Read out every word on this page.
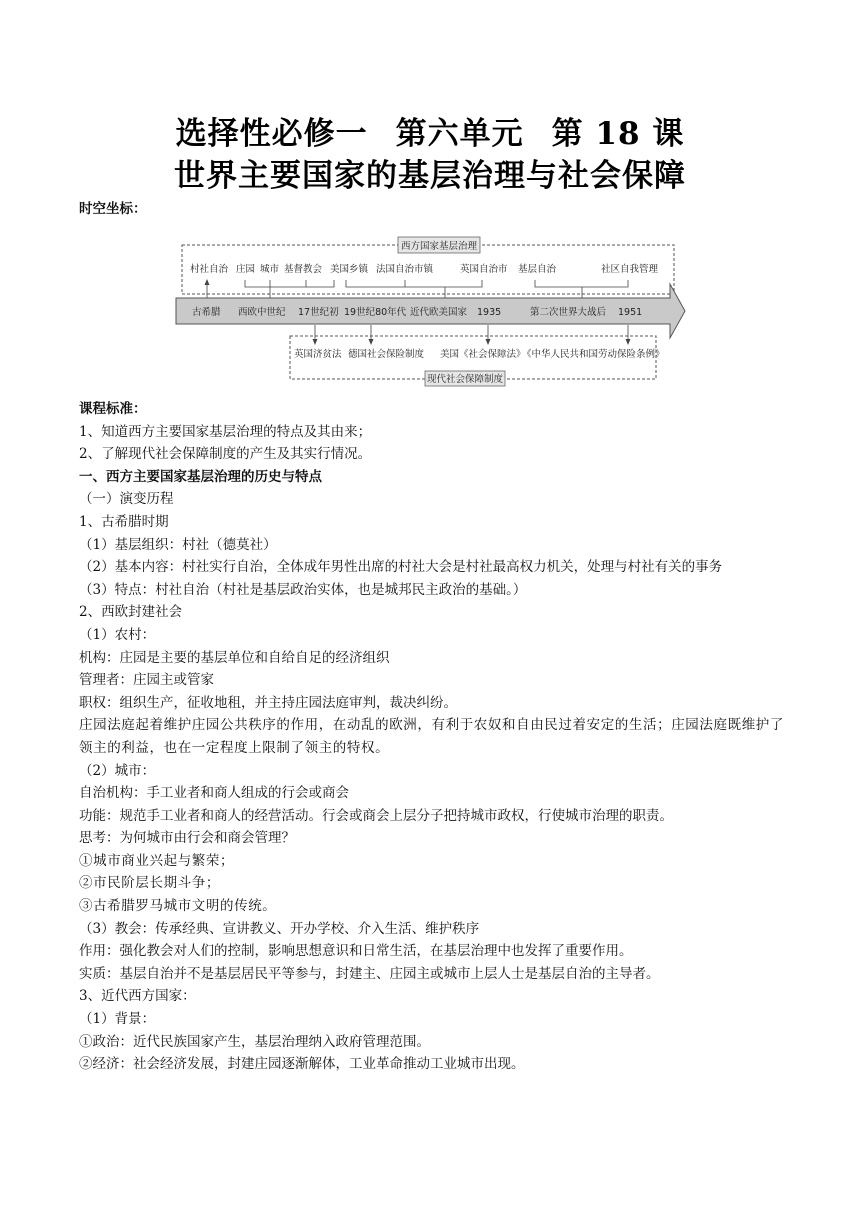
选择性必修一 第六单元 第 18 课
世界主要国家的基层治理与社会保障
时空坐标：
西方国家基层治理
村社自治 庄园 城市 基督教会 美国乡镇 法国自治市镇	英国自治市 基层自治	社区自我管理
古希腊 西欧中世纪 17世纪初 19世纪80年代 近代欧美国家 1935	第二次世界大战后 1951
现代社会保障制度
英国济贫法 德国社会保险制度 美国《社会保障法》
《中华人民共和国劳动保险条例》
课程标准：
1、知道西方主要国家基层治理的特点及其由来；
2、了解现代社会保障制度的产生及其实行情况。
一、西方主要国家基层治理的历史与特点
（一）演变历程
1、古希腊时期
（1）基层组织：村社（德莫社）
（2）基本内容：村社实行自治，全体成年男性出席的村社大会是村社最高权力机关，处理与村社有关的事务
（3）特点：村社自治（村社是基层政治实体，也是城邦民主政治的基础。）
2、西欧封建社会
（1）农村：
机构：庄园是主要的基层单位和自给自足的经济组织
管理者：庄园主或管家
职权：组织生产，征收地租，并主持庄园法庭审判，裁决纠纷。
庄园法庭起着维护庄园公共秩序的作用，在动乱的欧洲，有利于农奴和自由民过着安定的生活；庄园法庭既维护了领主的利益，也在一定程度上限制了领主的特权。
（2）城市：
自治机构：手工业者和商人组成的行会或商会
功能：规范手工业者和商人的经营活动。行会或商会上层分子把持城市政权，行使城市治理的职责。
思考：为何城市由行会和商会管理？
①城市商业兴起与繁荣；
②市民阶层长期斗争；
③古希腊罗马城市文明的传统。
（3）教会：传承经典、宣讲教义、开办学校、介入生活、维护秩序
作用：强化教会对人们的控制，影响思想意识和日常生活，在基层治理中也发挥了重要作用。
实质：基层自治并不是基层居民平等参与，封建主、庄园主或城市上层人士是基层自治的主导者。
3、近代西方国家：
（1）背景：
①政治：近代民族国家产生，基层治理纳入政府管理范围。
②经济：社会经济发展，封建庄园逐渐解体，工业革命推动工业城市出现。
